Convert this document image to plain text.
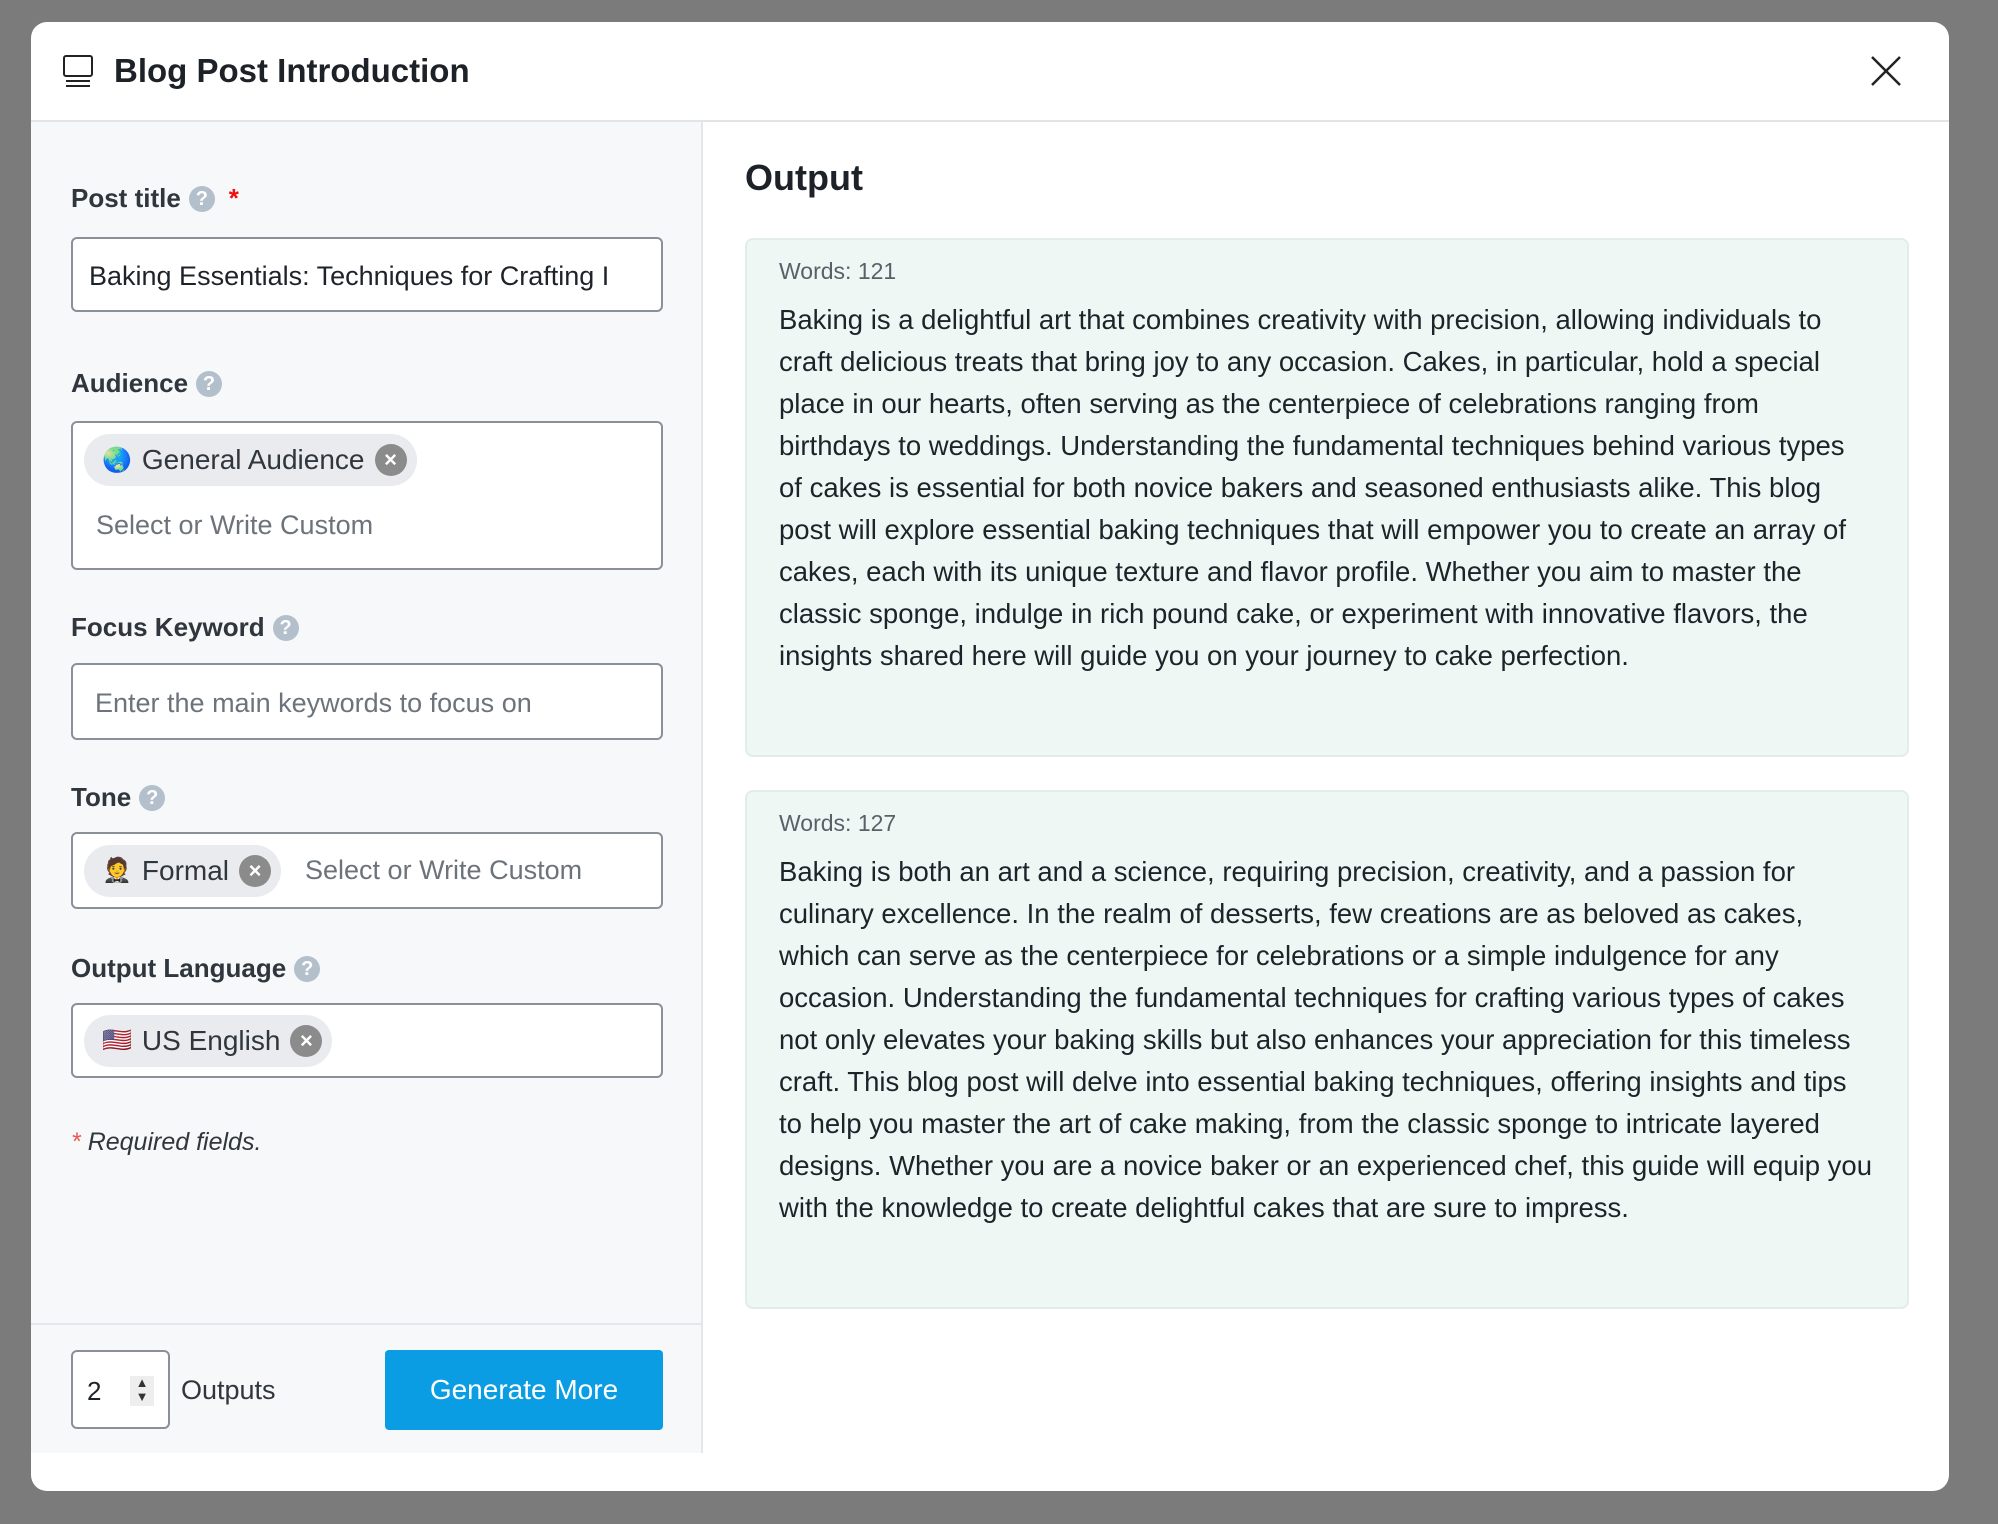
Blog Post Introduction
Post title ? *
Baking Essentials: Techniques for Crafting I
Audience ?
🌏 General Audience ×
Select or Write Custom
Focus Keyword ?
Enter the main keywords to focus on
Tone ?
🤵 Formal ×	Select or Write Custom
Output Language ?
🇺🇸 US English ×
* Required fields.
2	▲
▼ Outputs	Generate More
Output
Words: 121
Baking is a delightful art that combines creativity with precision, allowing individuals to craft delicious treats that bring joy to any occasion. Cakes, in particular, hold a special place in our hearts, often serving as the centerpiece of celebrations ranging from birthdays to weddings. Understanding the fundamental techniques behind various types of cakes is essential for both novice bakers and seasoned enthusiasts alike. This blog post will explore essential baking techniques that will empower you to create an array of cakes, each with its unique texture and flavor profile. Whether you aim to master the classic sponge, indulge in rich pound cake, or experiment with innovative flavors, the insights shared here will guide you on your journey to cake perfection.
Words: 127
Baking is both an art and a science, requiring precision, creativity, and a passion for culinary excellence. In the realm of desserts, few creations are as beloved as cakes, which can serve as the centerpiece for celebrations or a simple indulgence for any occasion. Understanding the fundamental techniques for crafting various types of cakes not only elevates your baking skills but also enhances your appreciation for this timeless craft. This blog post will delve into essential baking techniques, offering insights and tips to help you master the art of cake making, from the classic sponge to intricate layered designs. Whether you are a novice baker or an experienced chef, this guide will equip you with the knowledge to create delightful cakes that are sure to impress.
